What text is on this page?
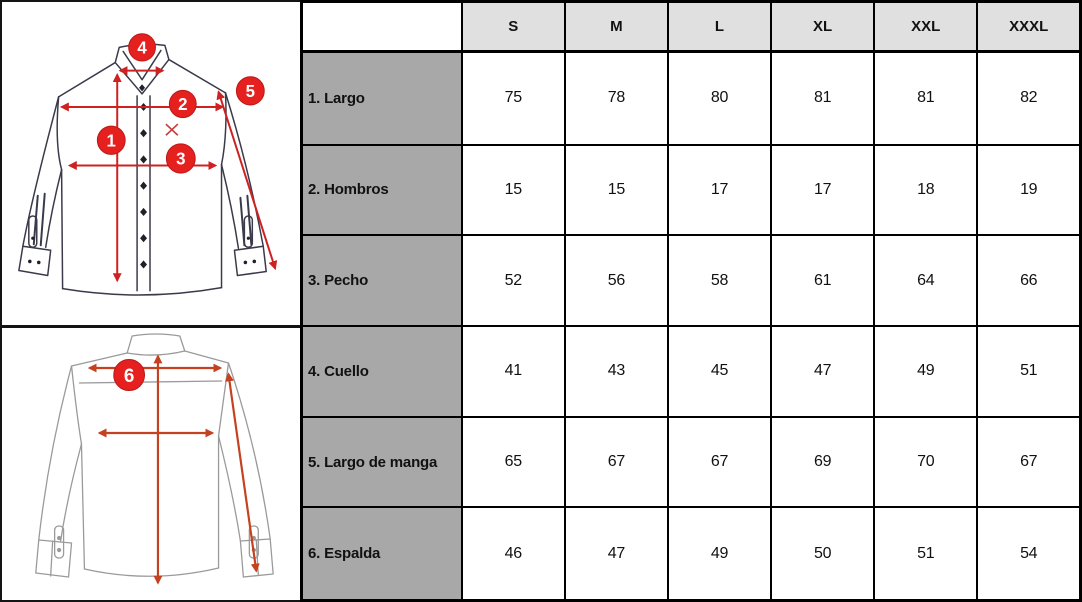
4
2
1
3
5
6
	S	M	L	XL	XXL	XXXL
1. Largo	75	78	80	81	81	82
2. Hombros	15	15	17	17	18	19
3. Pecho	52	56	58	61	64	66
4. Cuello	41	43	45	47	49	51
5. Largo de manga	65	67	67	69	70	67
6. Espalda	46	47	49	50	51	54
